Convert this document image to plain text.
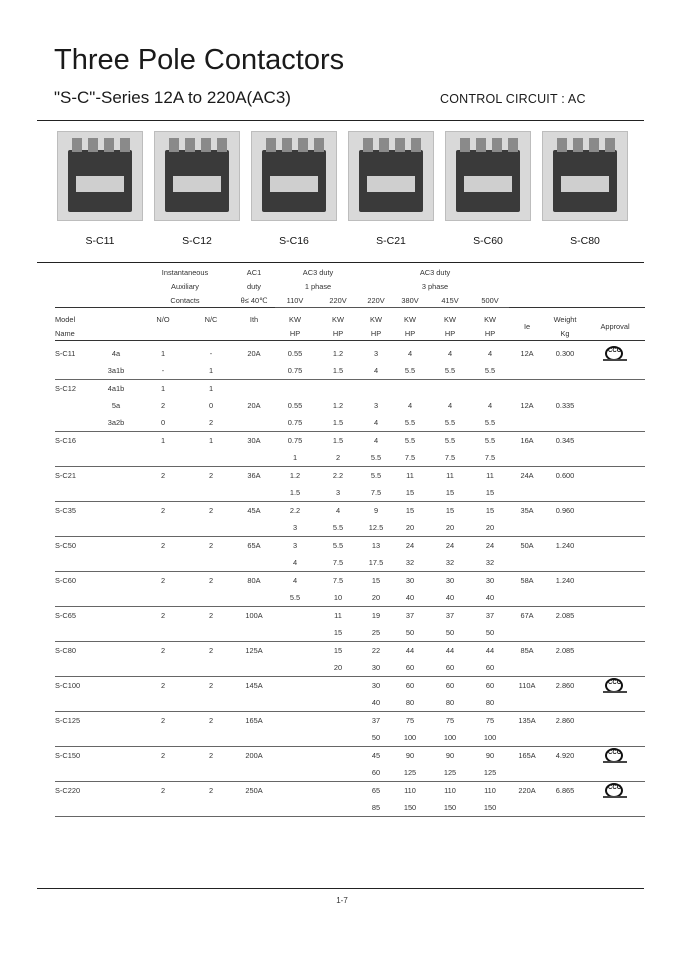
Three Pole Contactors
"S-C"-Series 12A to 220A(AC3)	CONTROL CIRCUIT : AC
S-C11	S-C12	S-C16	S-C21	S-C60	S-C80
		Instantaneous		AC1	AC3 duty		AC3 duty						
		Auxiliary		duty	1 phase		3 phase						
		Contacts		θ≤ 40℃	110V	220V	220V	380V	415V	500V			

Model		N/O	N/C	Ith	KW	KW	KW	KW	KW	KW	Ie	Weight	Approval
Name					HP	HP	HP	HP	HP	HP		Kg	

S-C11	4a	1	-	20A	0.55	1.2	3	4	4	4	12A	0.300	CCC

	3a1b	-	1		0.75	1.5	4	5.5	5.5	5.5			
S-C12	4a1b	1	1										
	5a	2	0	20A	0.55	1.2	3	4	4	4	12A	0.335	
	3a2b	0	2		0.75	1.5	4	5.5	5.5	5.5			
S-C16		1	1	30A	0.75	1.5	4	5.5	5.5	5.5	16A	0.345	
					1	2	5.5	7.5	7.5	7.5			
S-C21		2	2	36A	1.2	2.2	5.5	11	11	11	24A	0.600	
					1.5	3	7.5	15	15	15			
S-C35		2	2	45A	2.2	4	9	15	15	15	35A	0.960	
					3	5.5	12.5	20	20	20			
S-C50		2	2	65A	3	5.5	13	24	24	24	50A	1.240	
					4	7.5	17.5	32	32	32			
S-C60		2	2	80A	4	7.5	15	30	30	30	58A	1.240	
					5.5	10	20	40	40	40			
S-C65		2	2	100A		11	19	37	37	37	67A	2.085	
						15	25	50	50	50			
S-C80		2	2	125A		15	22	44	44	44	85A	2.085	
						20	30	60	60	60			
S-C100		2	2	145A			30	60	60	60	110A	2.860	CCC

							40	80	80	80			
S-C125		2	2	165A			37	75	75	75	135A	2.860	
							50	100	100	100			
S-C150		2	2	200A			45	90	90	90	165A	4.920	CCC

							60	125	125	125			
S-C220		2	2	250A			65	110	110	110	220A	6.865	CCC

							85	150	150	150			
1-7
